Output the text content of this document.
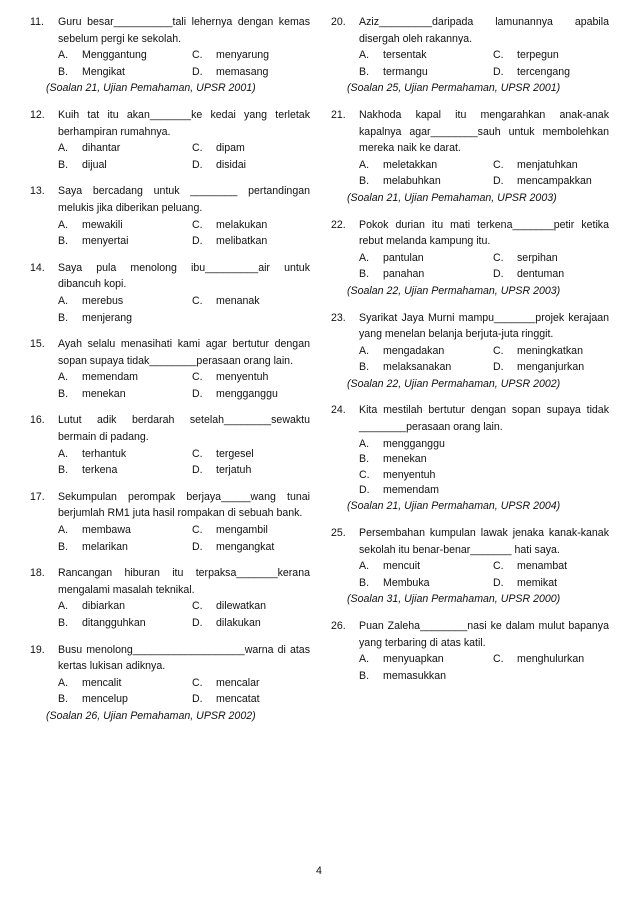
11.	Guru besar__________tali lehernya dengan kemas sebelum pergi ke sekolah.
A.	Menggantung	C.	menyarung
B.	Mengikat	D.	memasang
(Soalan 21, Ujian Pemahaman, UPSR 2001)
12.	Kuih tat itu akan_______ke kedai yang terletak berhampiran rumahnya.
A.	dihantar	C.	dipam
B.	dijual	D.	disidai
13.	Saya bercadang untuk ________ pertandingan melukis jika diberikan peluang.
A.	mewakili	C.	melakukan
B.	menyertai	D.	melibatkan
14.	Saya pula menolong ibu_________air untuk dibancuh kopi.
A.	merebus	C.	menanak
B.	menjerang
15.	Ayah selalu menasihati kami agar bertutur dengan sopan supaya tidak________perasaan orang lain.
A.	memendam	C.	menyentuh
B.	menekan	D.	mengganggu
16.	Lutut adik berdarah setelah________sewaktu bermain di padang.
A.	terhantuk	C.	tergesel
B.	terkena	D.	terjatuh
17.	Sekumpulan perompak berjaya_____wang tunai berjumlah RM1 juta hasil rompakan di sebuah bank.
A.	membawa	C.	mengambil
B.	melarikan	D.	mengangkat
18.	Rancangan hiburan itu terpaksa_______kerana mengalami masalah teknikal.
A.	dibiarkan	C.	dilewatkan
B.	ditangguhkan	D.	dilakukan
19.	Busu menolong___________________warna di atas kertas lukisan adiknya.
A.	mencalit	C.	mencalar
B.	mencelup	D.	mencatat
(Soalan 26, Ujian Pemahaman, UPSR 2002)
20.	Aziz_________daripada lamunannya apabila disergah oleh rakannya.
A.	tersentak	C.	terpegun
B.	termangu	D.	tercengang
(Soalan 25, Ujian Permahaman, UPSR 2001)
21.	Nakhoda kapal itu mengarahkan anak-anak kapalnya agar________sauh untuk membolehkan mereka naik ke darat.
A.	meletakkan	C.	menjatuhkan
B.	melabuhkan	D.	mencampakkan
(Soalan 21, Ujian Pemahaman, UPSR 2003)
22.	Pokok durian itu mati terkena_______petir ketika rebut melanda kampung itu.
A.	pantulan	C.	serpihan
B.	panahan	D.	dentuman
(Soalan 22, Ujian Permahaman, UPSR 2003)
23.	Syarikat Jaya Murni mampu_______projek kerajaan yang menelan belanja berjuta-juta ringgit.
A.	mengadakan	C.	meningkatkan
B.	melaksanakan	D.	menganjurkan
(Soalan 22, Ujian Permahaman, UPSR 2002)
24.	Kita mestilah bertutur dengan sopan supaya tidak ________perasaan orang lain.
A.	mengganggu
B.	menekan
C.	menyentuh
D.	memendam
(Soalan 21, Ujian Permahaman, UPSR 2004)
25.	Persembahan kumpulan lawak jenaka kanak-kanak sekolah itu benar-benar_______ hati saya.
A.	mencuit	C.	menambat
B.	Membuka	D.	memikat
(Soalan 31, Ujian Permahaman, UPSR 2000)
26.	Puan Zaleha________nasi ke dalam mulut bapanya yang terbaring di atas katil.
A.	menyuapkan	C.	menghulurkan
B.	memasukkan
4
